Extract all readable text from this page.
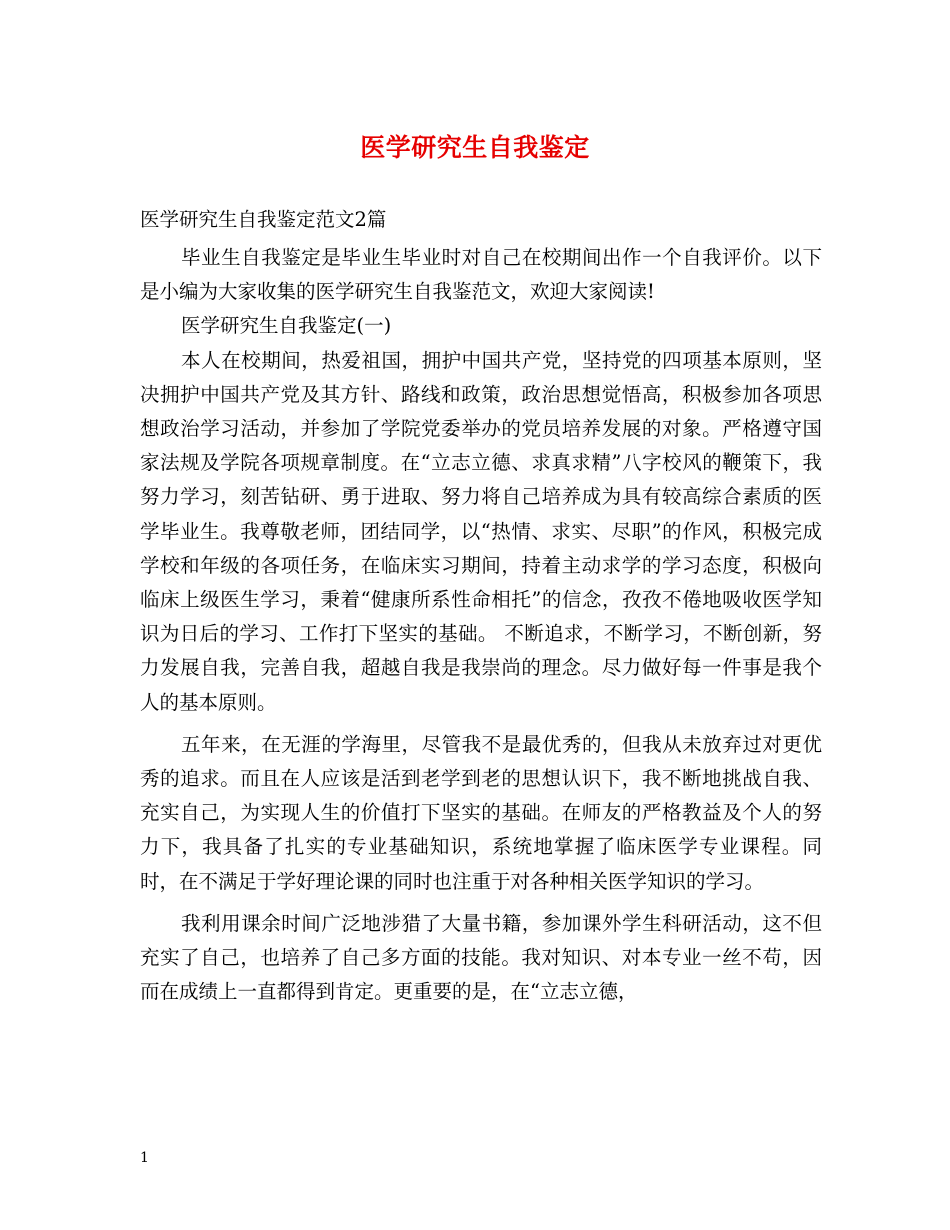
医学研究生自我鉴定
医学研究生自我鉴定范文2篇

毕业生自我鉴定是毕业生毕业时对自己在校期间出作一个自我评价。以下是小编为大家收集的医学研究生自我鉴范文，欢迎大家阅读!

医学研究生自我鉴定(一)

本人在校期间，热爱祖国，拥护中国共产党，坚持党的四项基本原则，坚决拥护中国共产党及其方针、路线和政策，政治思想觉悟高，积极参加各项思想政治学习活动，并参加了学院党委举办的党员培养发展的对象。严格遵守国家法规及学院各项规章制度。在“立志立德、求真求精”八字校风的鞭策下，我努力学习，刻苦钻研、勇于进取、努力将自己培养成为具有较高综合素质的医学毕业生。我尊敬老师，团结同学，以“热情、求实、尽职”的作风，积极完成学校和年级的各项任务，在临床实习期间，持着主动求学的学习态度，积极向临床上级医生学习，秉着“健康所系性命相托”的信念，孜孜不倦地吸收医学知识为日后的学习、工作打下坚实的基础。 不断追求，不断学习，不断创新，努力发展自我，完善自我，超越自我是我崇尚的理念。尽力做好每一件事是我个人的基本原则。

五年来，在无涯的学海里，尽管我不是最优秀的，但我从未放弃过对更优秀的追求。而且在人应该是活到老学到老的思想认识下，我不断地挑战自我、充实自己，为实现人生的价值打下坚实的基础。在师友的严格教益及个人的努力下，我具备了扎实的专业基础知识，系统地掌握了临床医学专业课程。同时，在不满足于学好理论课的同时也注重于对各种相关医学知识的学习。

我利用课余时间广泛地涉猎了大量书籍，参加课外学生科研活动，这不但充实了自己，也培养了自己多方面的技能。我对知识、对本专业一丝不苟，因而在成绩上一直都得到肯定。更重要的是，在“立志立德，

1
